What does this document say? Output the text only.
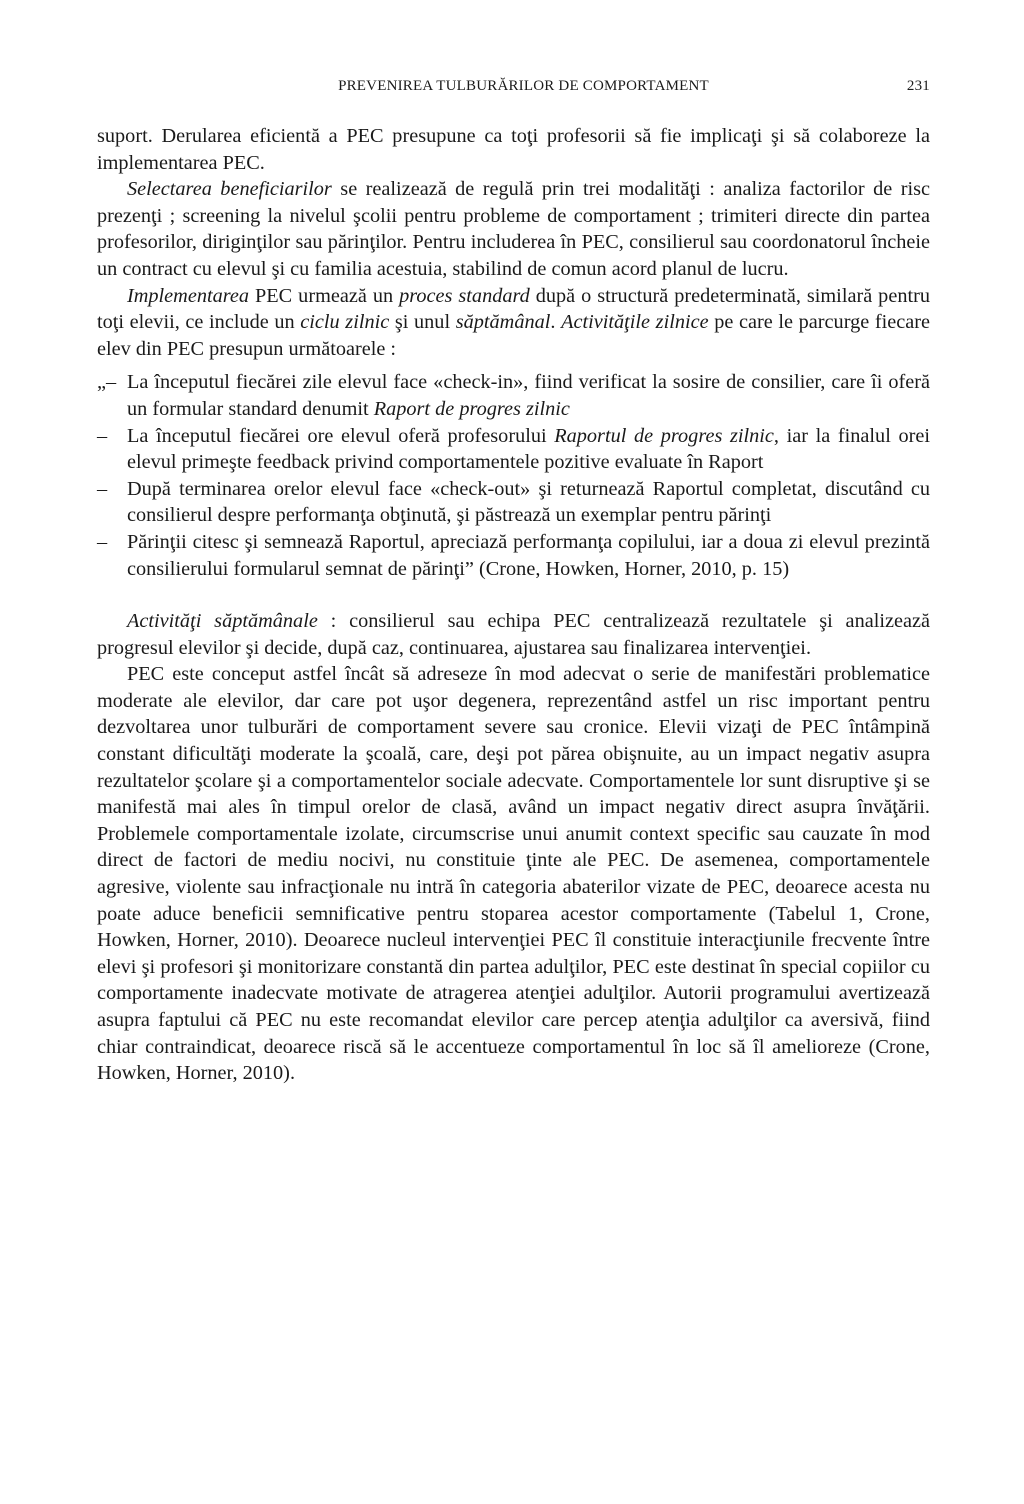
PREVENIREA TULBURĂRILOR DE COMPORTAMENT	231

suport. Derularea eficientă a PEC presupune ca toţi profesorii să fie implicaţi şi să colaboreze la implementarea PEC.

Selectarea beneficiarilor se realizează de regulă prin trei modalităţi : analiza factorilor de risc prezenţi ; screening la nivelul şcolii pentru probleme de comportament ; trimiteri directe din partea profesorilor, diriginţilor sau părinţilor. Pentru includerea în PEC, consilierul sau coordonatorul încheie un contract cu elevul şi cu familia acestuia, stabilind de comun acord planul de lucru.

Implementarea PEC urmează un proces standard după o structură predeterminată, similară pentru toţi elevii, ce include un ciclu zilnic şi unul săptămânal. Activităţile zilnice pe care le parcurge fiecare elev din PEC presupun următoarele :

„– La începutul fiecărei zile elevul face «check-in», fiind verificat la sosire de consilier, care îi oferă un formular standard denumit Raport de progres zilnic
– La începutul fiecărei ore elevul oferă profesorului Raportul de progres zilnic, iar la finalul orei elevul primeşte feedback privind comportamentele pozitive evaluate în Raport
– După terminarea orelor elevul face «check-out» şi returnează Raportul completat, discutând cu consilierul despre performanţa obţinută, şi păstrează un exemplar pentru părinţi
– Părinţii citesc şi semnează Raportul, apreciază performanţa copilului, iar a doua zi elevul prezintă consilierului formularul semnat de părinţi” (Crone, Howken, Horner, 2010, p. 15)

Activităţi săptămânale : consilierul sau echipa PEC centralizează rezultatele şi analizează progresul elevilor şi decide, după caz, continuarea, ajustarea sau finalizarea intervenţiei.

PEC este conceput astfel încât să adreseze în mod adecvat o serie de manifestări problematice moderate ale elevilor, dar care pot uşor degenera, reprezentând astfel un risc important pentru dezvoltarea unor tulburări de comportament severe sau cronice. Elevii vizaţi de PEC întâmpină constant dificultăţi moderate la şcoală, care, deşi pot părea obişnuite, au un impact negativ asupra rezultatelor şcolare şi a comportamentelor sociale adecvate. Comportamentele lor sunt disruptive şi se manifestă mai ales în timpul orelor de clasă, având un impact negativ direct asupra învăţării. Problemele comportamentale izolate, circumscrise unui anumit context specific sau cauzate în mod direct de factori de mediu nocivi, nu constituie ţinte ale PEC. De asemenea, comportamentele agresive, violente sau infracţionale nu intră în categoria abaterilor vizate de PEC, deoarece acesta nu poate aduce beneficii semnificative pentru stoparea acestor comportamente (Tabelul 1, Crone, Howken, Horner, 2010). Deoarece nucleul intervenţiei PEC îl constituie interacţiunile frecvente între elevi şi profesori şi monitorizare constantă din partea adulţilor, PEC este destinat în special copiilor cu comportamente inadecvate motivate de atragerea atenţiei adulţilor. Autorii programului avertizează asupra faptului că PEC nu este recomandat elevilor care percep atenţia adulţilor ca aversivă, fiind chiar contraindicat, deoarece riscă să le accentueze comportamentul în loc să îl amelioreze (Crone, Howken, Horner, 2010).
